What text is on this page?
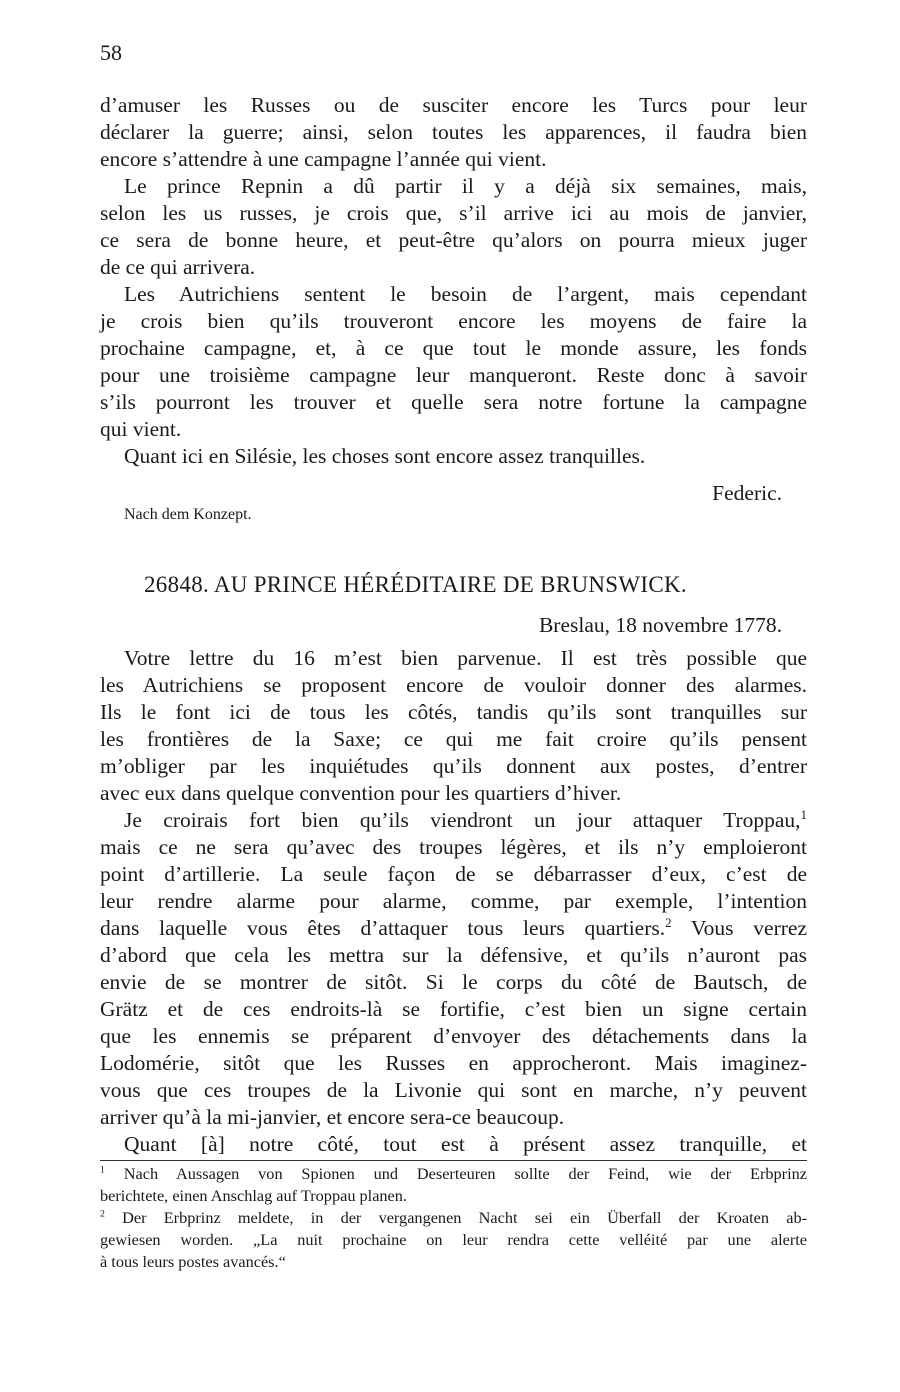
58
d’amuser les Russes ou de susciter encore les Turcs pour leur
déclarer la guerre; ainsi, selon toutes les apparences, il faudra bien
encore s’attendre à une campagne l’année qui vient.
Le prince Repnin a dû partir il y a déjà six semaines, mais,
selon les us russes, je crois que, s’il arrive ici au mois de janvier,
ce sera de bonne heure, et peut-être qu’alors on pourra mieux juger
de ce qui arrivera.
Les Autrichiens sentent le besoin de l’argent, mais cependant
je crois bien qu’ils trouveront encore les moyens de faire la
prochaine campagne, et, à ce que tout le monde assure, les fonds
pour une troisième campagne leur manqueront. Reste donc à savoir
s’ils pourront les trouver et quelle sera notre fortune la campagne
qui vient.
Quant ici en Silésie, les choses sont encore assez tranquilles.
Federic.
Nach dem Konzept.
26848. AU PRINCE HÉRÉDITAIRE DE BRUNSWICK.
Breslau, 18 novembre 1778.
Votre lettre du 16 m’est bien parvenue. Il est très possible que
les Autrichiens se proposent encore de vouloir donner des alarmes.
Ils le font ici de tous les côtés, tandis qu’ils sont tranquilles sur
les frontières de la Saxe; ce qui me fait croire qu’ils pensent
m’obliger par les inquiétudes qu’ils donnent aux postes, d’entrer
avec eux dans quelque convention pour les quartiers d’hiver.
Je croirais fort bien qu’ils viendront un jour attaquer Troppau,$^1$
mais ce ne sera qu’avec des troupes légères, et ils n’y emploieront
point d’artillerie. La seule façon de se débarrasser d’eux, c’est de
leur rendre alarme pour alarme, comme, par exemple, l’intention
dans laquelle vous êtes d’attaquer tous leurs quartiers.$^2$ Vous verrez
d’abord que cela les mettra sur la défensive, et qu’ils n’auront pas
envie de se montrer de sitôt. Si le corps du côté de Bautsch, de
Grätz et de ces endroits-là se fortifie, c’est bien un signe certain
que les ennemis se préparent d’envoyer des détachements dans la
Lodomérie, sitôt que les Russes en approcheront. Mais imaginez-
vous que ces troupes de la Livonie qui sont en marche, n’y peuvent
arriver qu’à la mi-janvier, et encore sera-ce beaucoup.
Quant [à] notre côté, tout est à présent assez tranquille, et
$^1$ Nach Aussagen von Spionen und Deserteuren sollte der Feind, wie der Erbprinz
berichtete, einen Anschlag auf Troppau planen.
$^2$ Der Erbprinz meldete, in der vergangenen Nacht sei ein Überfall der Kroaten ab-
gewiesen worden. „La nuit prochaine on leur rendra cette velléité par une alerte
à tous leurs postes avancés.“
